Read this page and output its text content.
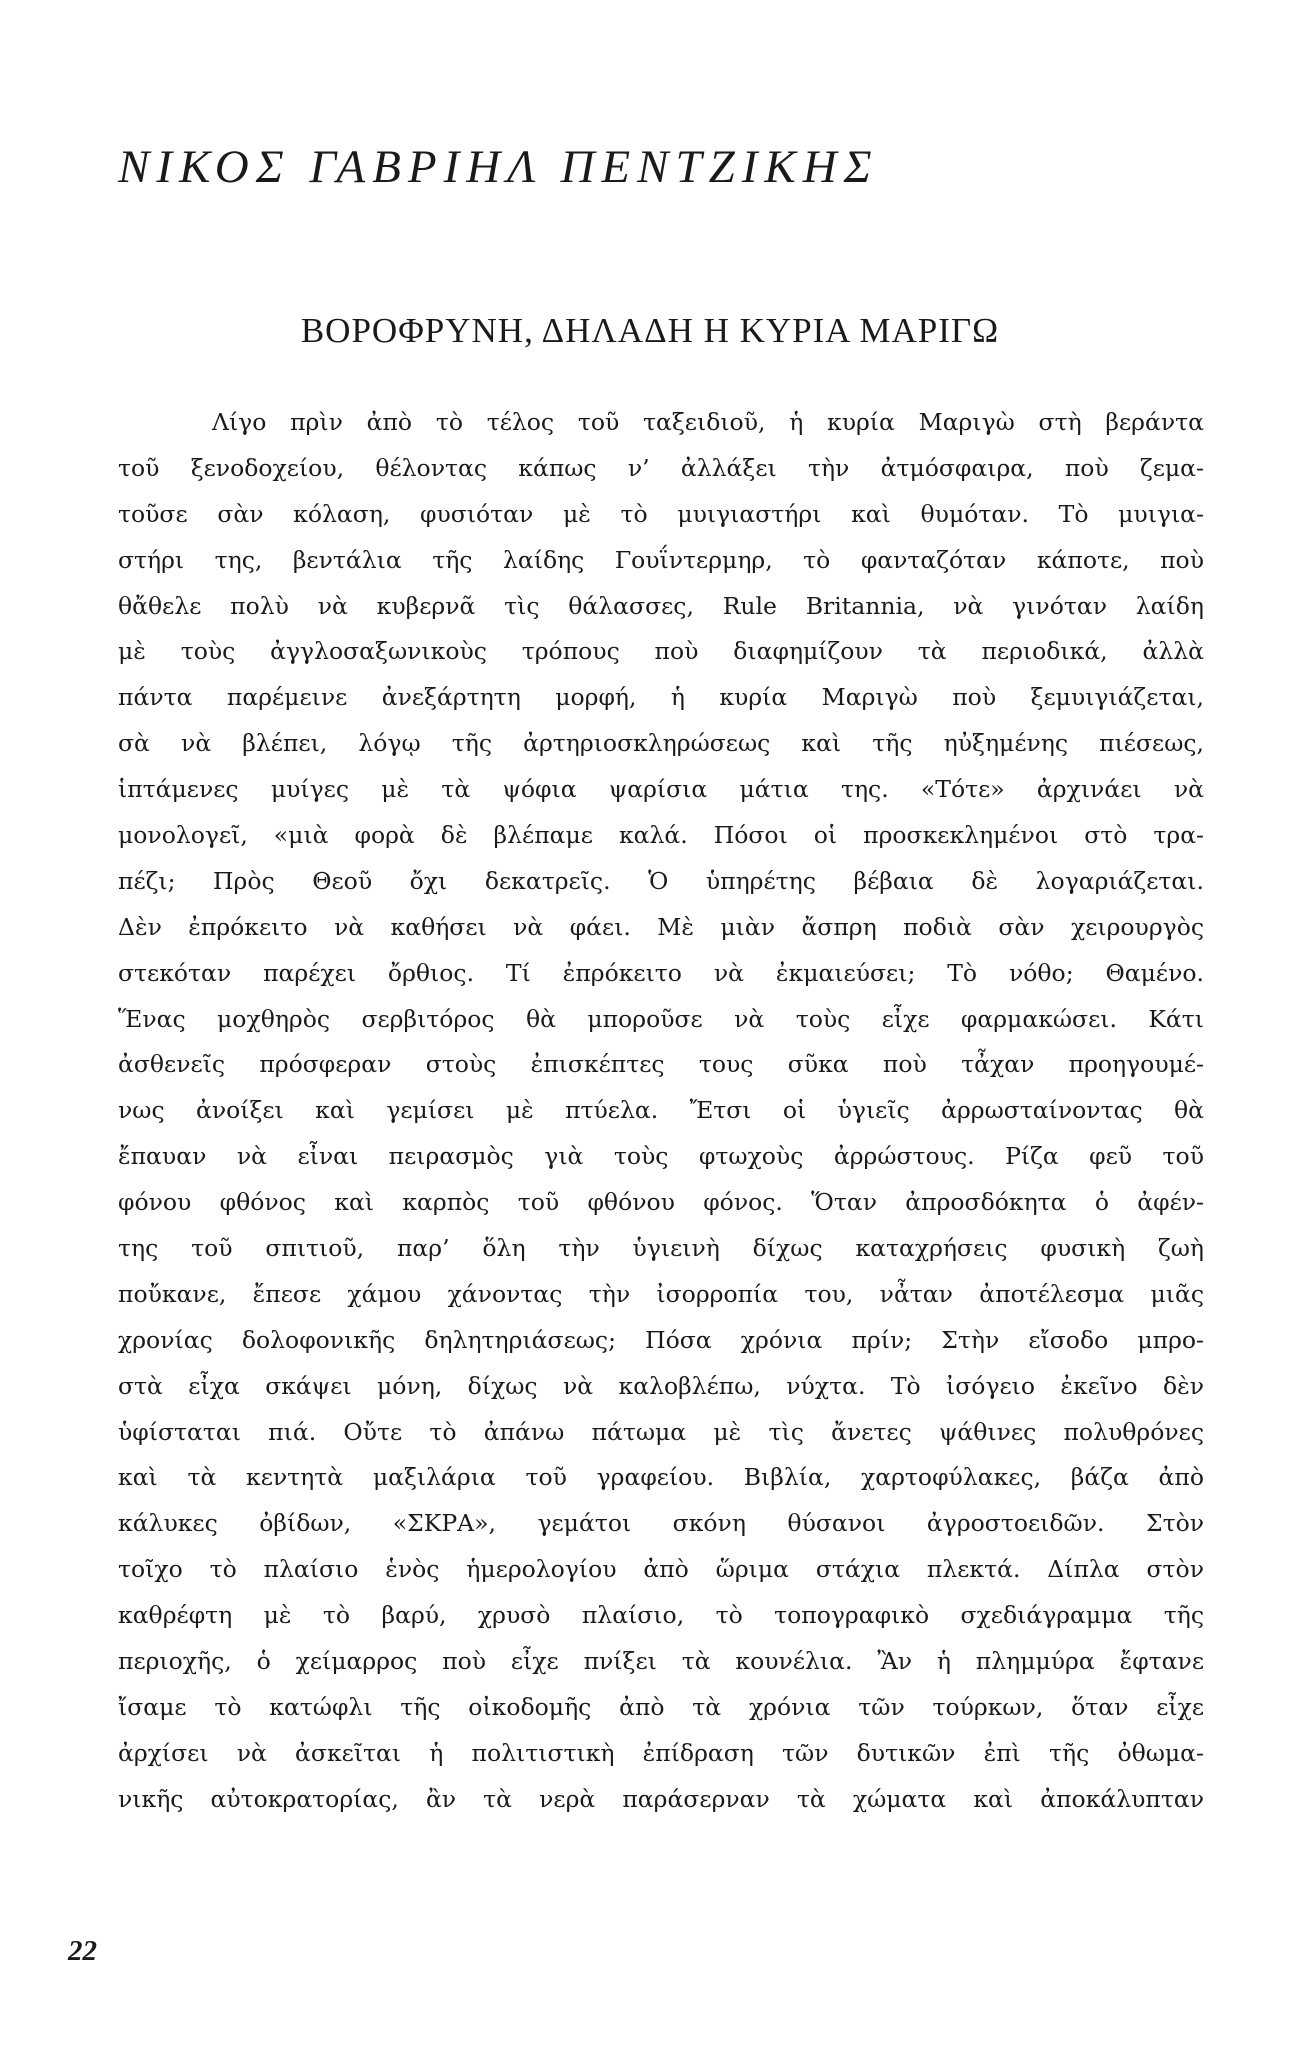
ΝΙΚΟΣ ΓΑΒΡΙΗΛ ΠΕΝΤΖΙΚΗΣ
ΒΟΡΟΦΡΥΝΗ, ΔΗΛΑΔΗ Η ΚΥΡΙΑ ΜΑΡΙΓΩ
Λίγο πρὶν ἀπὸ τὸ τέλος τοῦ ταξειδιοῦ, ἡ κυρία Μαριγὼ στὴ βεράντα
τοῦ ξενοδοχείου, θέλοντας κάπως ν’ ἀλλάξει τὴν ἀτμόσφαιρα, ποὺ ζεμα-
τοῦσε σὰν κόλαση, φυσιόταν μὲ τὸ μυιγιαστήρι καὶ θυμόταν. Τὸ μυιγια-
στήρι της, βεντάλια τῆς λαίδης Γουΐντερμηρ, τὸ φανταζόταν κάποτε, ποὺ
θἄθελε πολὺ νὰ κυβερνᾶ τὶς θάλασσες, Rule Britannia, νὰ γινόταν λαίδη
μὲ τοὺς ἀγγλοσαξωνικοὺς τρόπους ποὺ διαφημίζουν τὰ περιοδικά, ἀλλὰ
πάντα παρέμεινε ἀνεξάρτητη μορφή, ἡ κυρία Μαριγὼ ποὺ ξεμυιγιάζεται,
σὰ νὰ βλέπει, λόγῳ τῆς ἀρτηριοσκληρώσεως καὶ τῆς ηὐξημένης πιέσεως,
ἱπτάμενες μυίγες μὲ τὰ ψόφια ψαρίσια μάτια της. «Τότε» ἀρχινάει νὰ
μονολογεῖ, «μιὰ φορὰ δὲ βλέπαμε καλά. Πόσοι οἱ προσκεκλημένοι στὸ τρα-
πέζι; Πρὸς Θεοῦ ὄχι δεκατρεῖς. Ὁ ὑπηρέτης βέβαια δὲ λογαριάζεται.
Δὲν ἐπρόκειτο νὰ καθήσει νὰ φάει. Μὲ μιὰν ἄσπρη ποδιὰ σὰν χειρουργὸς
στεκόταν παρέχει ὄρθιος. Τί ἐπρόκειτο νὰ ἐκμαιεύσει; Τὸ νόθο; Θαμένο.
Ἕνας μοχθηρὸς σερβιτόρος θὰ μποροῦσε νὰ τοὺς εἶχε φαρμακώσει. Κάτι
ἀσθενεῖς πρόσφεραν στοὺς ἐπισκέπτες τους σῦκα ποὺ τἆχαν προηγουμέ-
νως ἀνοίξει καὶ γεμίσει μὲ πτύελα. Ἔτσι οἱ ὑγιεῖς ἀρρωσταίνοντας θὰ
ἔπαυαν νὰ εἶναι πειρασμὸς γιὰ τοὺς φτωχοὺς ἀρρώστους. Ρίζα φεῦ τοῦ
φόνου φθόνος καὶ καρπὸς τοῦ φθόνου φόνος. Ὅταν ἀπροσδόκητα ὁ ἀφέν-
της τοῦ σπιτιοῦ, παρ’ ὅλη τὴν ὑγιεινὴ δίχως καταχρήσεις φυσικὴ ζωὴ
ποὔκανε, ἔπεσε χάμου χάνοντας τὴν ἰσορροπία του, νἆταν ἀποτέλεσμα μιᾶς
χρονίας δολοφονικῆς δηλητηριάσεως; Πόσα χρόνια πρίν; Στὴν εἴσοδο μπρο-
στὰ εἶχα σκάψει μόνη, δίχως νὰ καλοβλέπω, νύχτα. Τὸ ἰσόγειο ἐκεῖνο δὲν
ὑφίσταται πιά. Οὔτε τὸ ἀπάνω πάτωμα μὲ τὶς ἄνετες ψάθινες πολυθρόνες
καὶ τὰ κεντητὰ μαξιλάρια τοῦ γραφείου. Βιβλία, χαρτοφύλακες, βάζα ἀπὸ
κάλυκες ὀβίδων, «ΣΚΡΑ», γεμάτοι σκόνη θύσανοι ἀγροστοειδῶν. Στὸν
τοῖχο τὸ πλαίσιο ἑνὸς ἡμερολογίου ἀπὸ ὥριμα στάχια πλεκτά. Δίπλα στὸν
καθρέφτη μὲ τὸ βαρύ, χρυσὸ πλαίσιο, τὸ τοπογραφικὸ σχεδιάγραμμα τῆς
περιοχῆς, ὁ χείμαρρος ποὺ εἶχε πνίξει τὰ κουνέλια. Ἂν ἡ πλημμύρα ἔφτανε
ἴσαμε τὸ κατώφλι τῆς οἰκοδομῆς ἀπὸ τὰ χρόνια τῶν τούρκων, ὅταν εἶχε
ἀρχίσει νὰ ἀσκεῖται ἡ πολιτιστικὴ ἐπίδραση τῶν δυτικῶν ἐπὶ τῆς ὀθωμα-
νικῆς αὐτοκρατορίας, ἂν τὰ νερὰ παράσερναν τὰ χώματα καὶ ἀποκάλυπταν
22
